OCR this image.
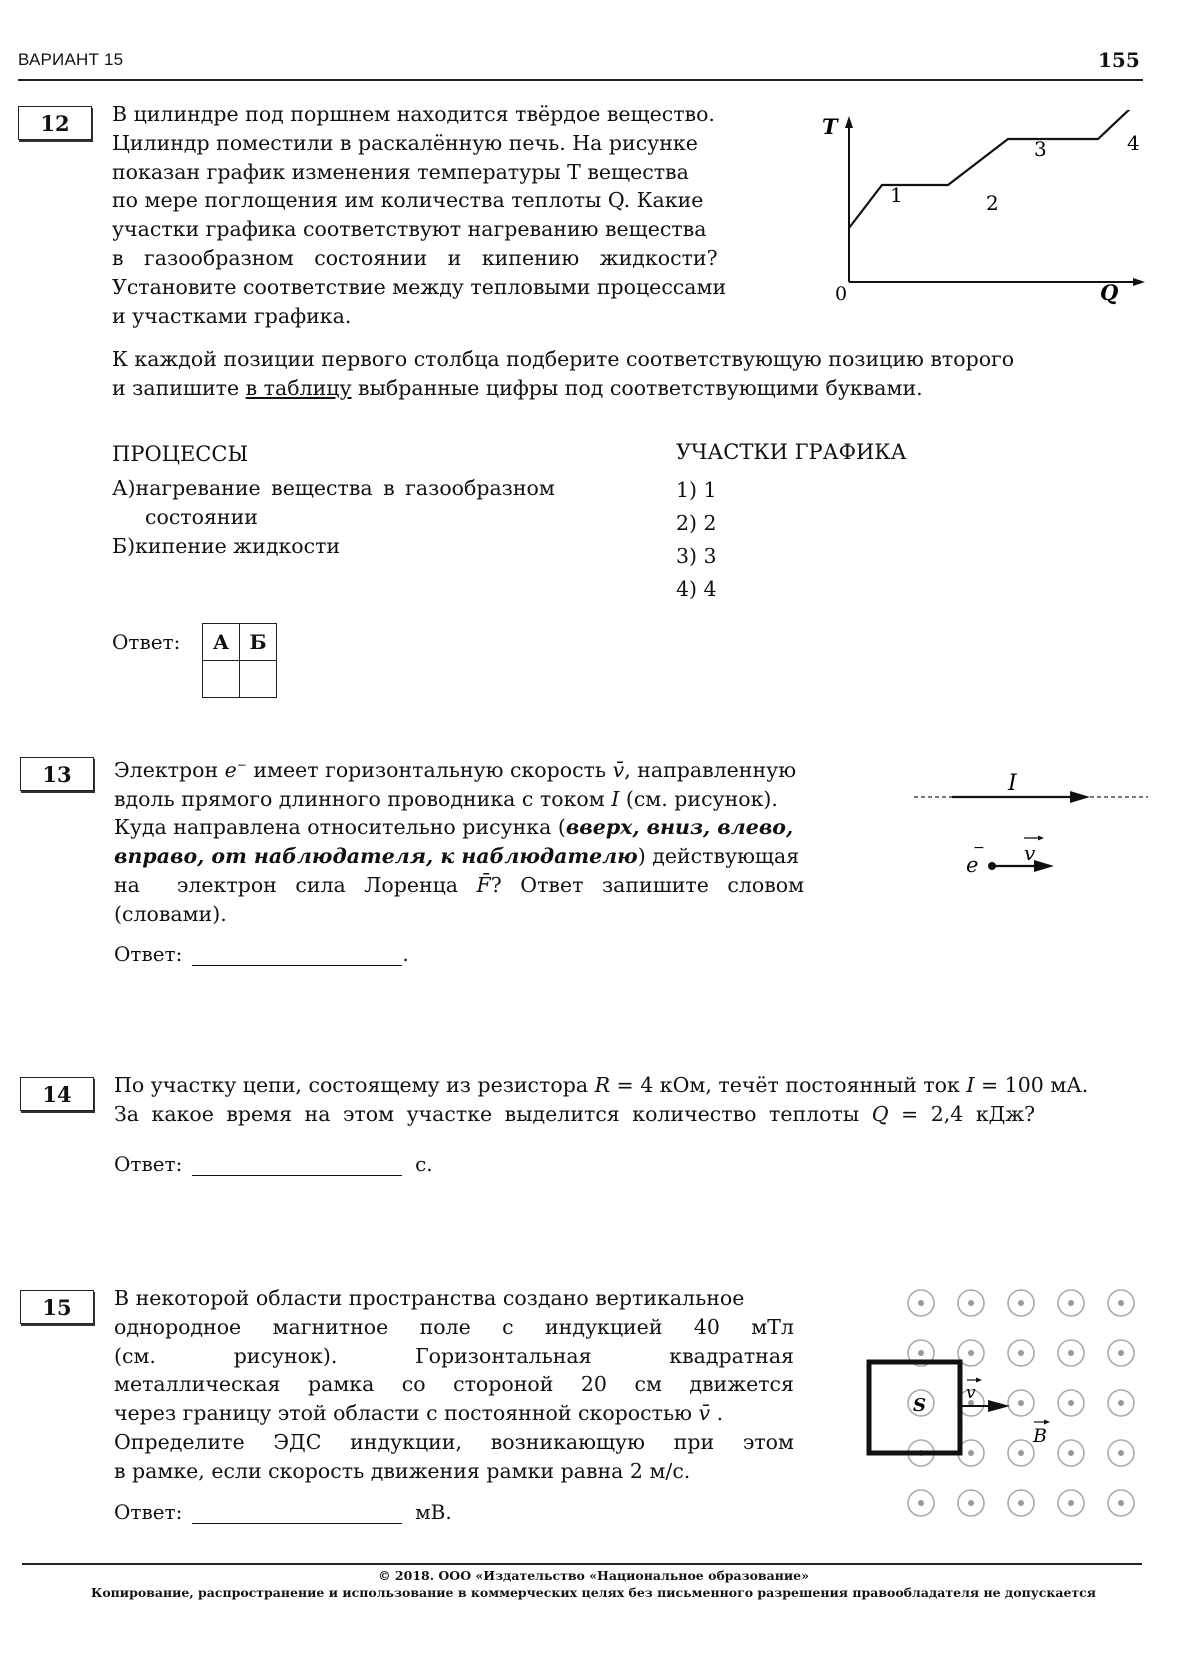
ВАРИАНТ 15	155
12	В цилиндре под поршнем находится твёрдое вещество.
Цилиндр поместили в раскалённую печь. На рисунке
показан график изменения температуры T вещества
по мере поглощения им количества теплоты Q. Какие
участки графика соответствуют нагреванию вещества
в газообразном состоянии и кипению жидкости?
Установите соответствие между тепловыми процессами
и участками графика.
T
Q
0
1	2
3	4
К каждой позиции первого столбца подберите соответствующую позицию второго
и запишите в таблицу выбранные цифры под соответствующими буквами.
ПРОЦЕССЫ
А)нагревание вещества в газообразном
состоянии
Б)кипение жидкости
УЧАСТКИ ГРАФИКА
1) 1
2) 2
3) 3
4) 4
Ответ: А	Б

13	Электрон e− имеет горизонтальную скорость v̄, направленную
вдоль прямого длинного проводника с током I (см. рисунок).
Куда направлена относительно рисунка (вверх, вниз, влево,
вправо, от наблюдателя, к наблюдателю) действующая
на  электрон сила Лоренца F̄? Ответ запишите словом
(словами).
Ответ:	.
I
e
− v
14	По участку цепи, состоящему из резистора R = 4 кОм, течёт постоянный ток I = 100 мА.
За какое время на этом участке выделится количество теплоты Q = 2,4 кДж?
Ответ:	с.
15	В некоторой области пространства создано вертикальное
однородное магнитное поле с индукцией 40 мТл
(см.	рисунок).	Горизонтальная	квадратная
металлическая рамка со стороной 20 см движется
через границу этой области с постоянной скоростью v̄ .
Определите ЭДС индукции, возникающую при этом
в рамке, если скорость движения рамки равна 2 м/с.
Ответ:	мВ.
S
v
B
© 2018. ООО «Издательство «Национальное образование»
Копирование, распространение и использование в коммерческих целях без письменного разрешения правообладателя не допускается
